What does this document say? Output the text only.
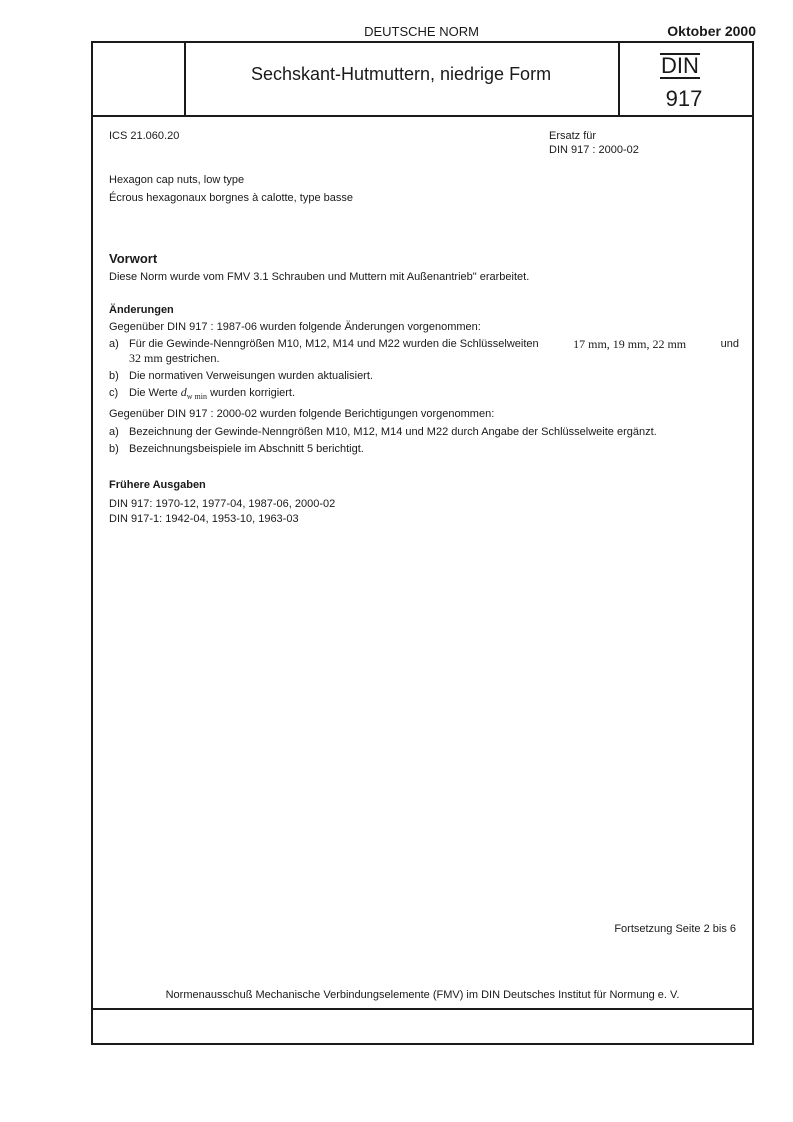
DEUTSCHE NORM	Oktober 2000
Sechskant-Hutmuttern, niedrige Form	DIN
917
ICS 21.060.20	Ersatz für
DIN 917 : 2000-02
Hexagon cap nuts, low type
Écrous hexagonaux borgnes à calotte, type basse
Vorwort
Diese Norm wurde vom FMV 3.1 Schrauben und Muttern mit Außenantrieb" erarbeitet.
Änderungen
Gegenüber DIN 917 : 1987-06 wurden folgende Änderungen vorgenommen:
a) Für die Gewinde-Nenngrößen M10, M12, M14 und M22 wurden die Schlüsselweiten	17 mm, 19 mm, 22 mm	und
32 mm gestrichen.
b) Die normativen Verweisungen wurden aktualisiert.
c) Die Werte $d_{w min}$ wurden korrigiert.
Gegenüber DIN 917 : 2000-02 wurden folgende Berichtigungen vorgenommen:
a) Bezeichnung der Gewinde-Nenngrößen M10, M12, M14 und M22 durch Angabe der Schlüsselweite ergänzt.
b) Bezeichnungsbeispiele im Abschnitt 5 berichtigt.
Frühere Ausgaben
DIN 917: 1970-12, 1977-04, 1987-06, 2000-02
DIN 917-1: 1942-04, 1953-10, 1963-03
Fortsetzung Seite 2 bis 6
Normenausschuß Mechanische Verbindungselemente (FMV) im DIN Deutsches Institut für Normung e. V.
